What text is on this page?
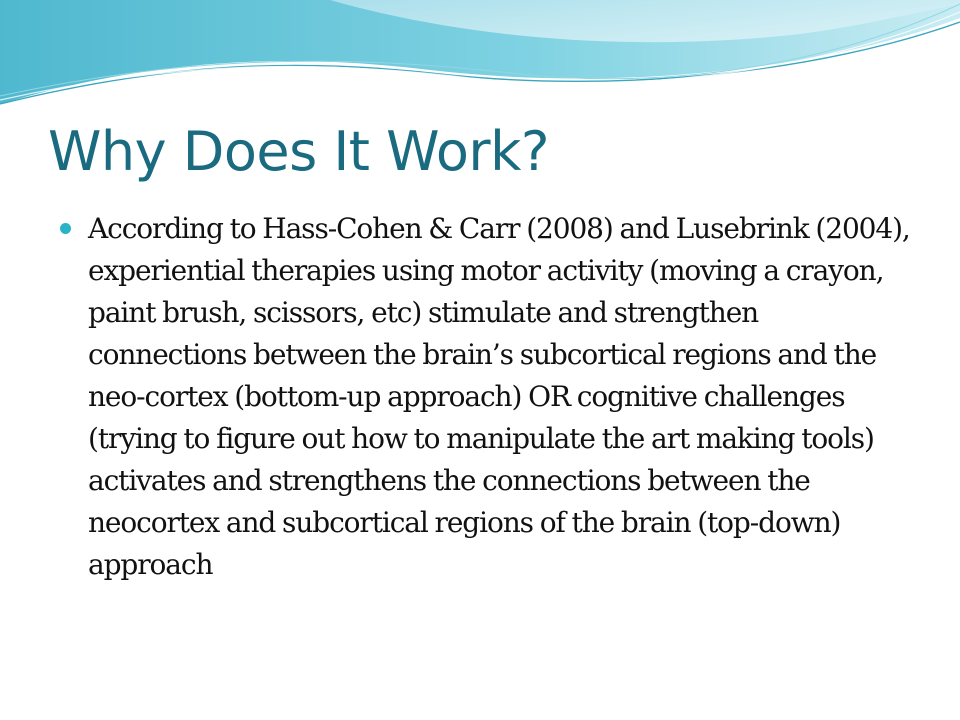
Why Does It Work?
According to Hass-Cohen & Carr (2008) and Lusebrink (2004), experiential therapies using motor activity (moving a crayon, paint brush, scissors, etc) stimulate and strengthen connections between the brain’s subcortical regions and the neo-cortex (bottom-up approach) OR cognitive challenges (trying to figure out how to manipulate the art making tools) activates and strengthens the connections between the neocortex and subcortical regions of the brain (top-down) approach
